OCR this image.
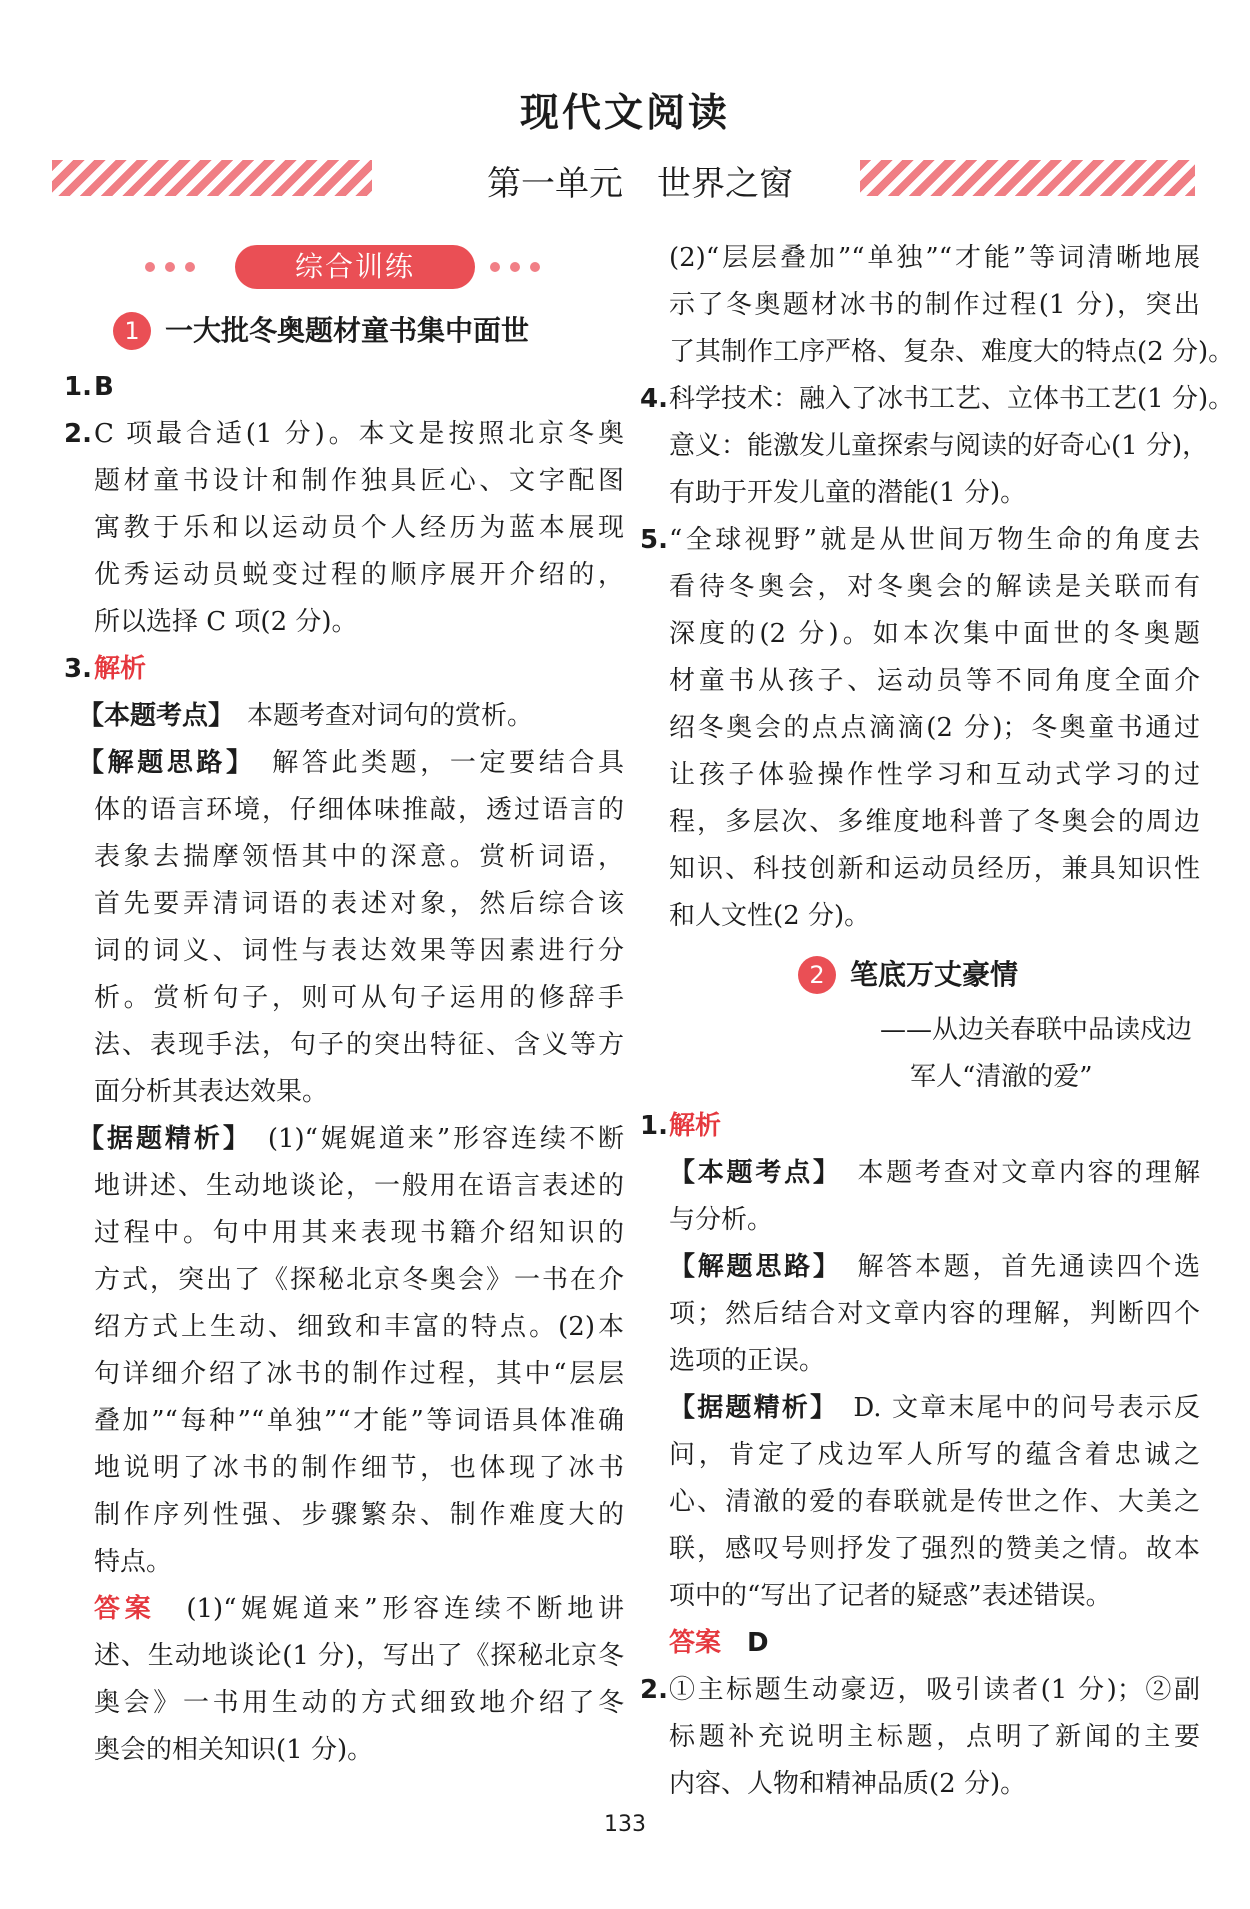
现代文阅读
第一单元　世界之窗
综合训练
1 一大批冬奥题材童书集中面世
1. B
2. C 项最合适(1 分)。本文是按照北京冬奥
题材童书设计和制作独具匠心、文字配图
寓教于乐和以运动员个人经历为蓝本展现
优秀运动员蜕变过程的顺序展开介绍的，
所以选择 C 项(2 分)。
3. 解析
【本题考点】　 本题考查对词句的赏析。
【解题思路】　 解答此类题，一定要结合具
体的语言环境，仔细体味推敲，透过语言的
表象去揣摩领悟其中的深意。赏析词语，
首先要弄清词语的表述对象，然后综合该
词的词义、词性与表达效果等因素进行分
析。赏析句子，则可从句子运用的修辞手
法、表现手法，句子的突出特征、含义等方
面分析其表达效果。
【据题精析】　 (1)“娓娓道来”形容连续不断
地讲述、生动地谈论，一般用在语言表述的
过程中。句中用其来表现书籍介绍知识的
方式，突出了《探秘北京冬奥会》一书在介
绍方式上生动、细致和丰富的特点。(2)本
句详细介绍了冰书的制作过程，其中“层层
叠加”“每种”“单独”“才能”等词语具体准确
地说明了冰书的制作细节，也体现了冰书
制作序列性强、步骤繁杂、制作难度大的
特点。
答案　 (1)“娓娓道来”形容连续不断地讲
述、生动地谈论(1 分)，写出了《探秘北京冬
奥会》一书用生动的方式细致地介绍了冬
奥会的相关知识(1 分)。
(2)“层层叠加”“单独”“才能”等词清晰地展
示了冬奥题材冰书的制作过程(1 分)，突出
了其制作工序严格、复杂、难度大的特点(2 分)。
4. 科学技术：融入了冰书工艺、立体书工艺(1 分)。
意义：能激发儿童探索与阅读的好奇心(1 分)，
有助于开发儿童的潜能(1 分)。
5. “全球视野”就是从世间万物生命的角度去
看待冬奥会，对冬奥会的解读是关联而有
深度的(2 分)。如本次集中面世的冬奥题
材童书从孩子、运动员等不同角度全面介
绍冬奥会的点点滴滴(2 分)；冬奥童书通过
让孩子体验操作性学习和互动式学习的过
程，多层次、多维度地科普了冬奥会的周边
知识、科技创新和运动员经历，兼具知识性
和人文性(2 分)。
2 笔底万丈豪情
——从边关春联中品读戍边
军人“清澈的爱”
1. 解析
【本题考点】　 本题考查对文章内容的理解
与分析。
【解题思路】　 解答本题，首先通读四个选
项；然后结合对文章内容的理解，判断四个
选项的正误。
【据题精析】　 D. 文章末尾中的问号表示反
问，肯定了戍边军人所写的蕴含着忠诚之
心、清澈的爱的春联就是传世之作、大美之
联，感叹号则抒发了强烈的赞美之情。故本
项中的“写出了记者的疑惑”表述错误。
答案　 D
2. ①主标题生动豪迈，吸引读者(1 分)；②副
标题补充说明主标题，点明了新闻的主要
内容、人物和精神品质(2 分)。
133
